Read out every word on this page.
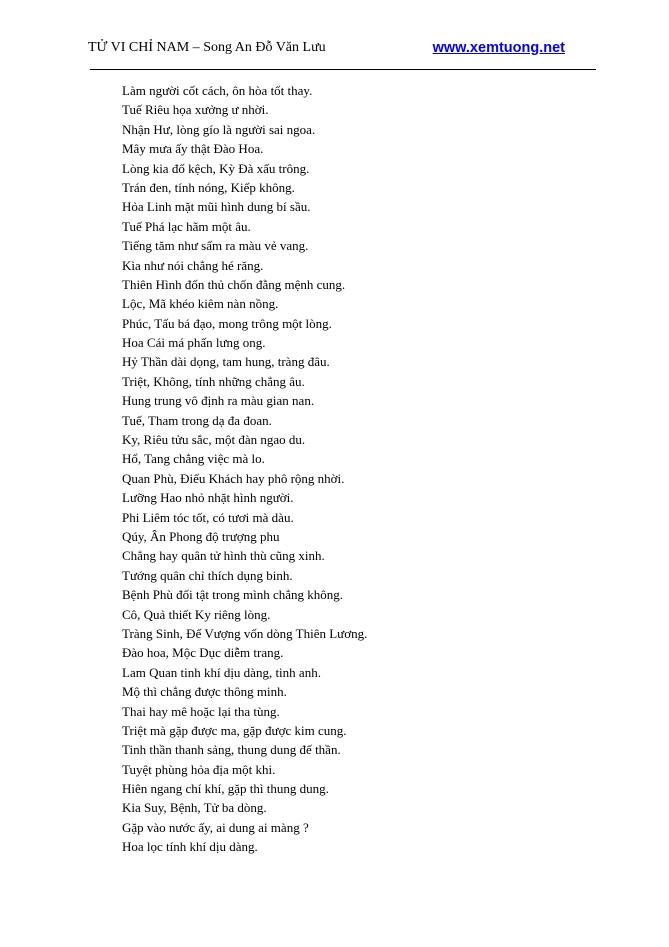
TỬ VI CHỈ NAM – Song An Đỗ Văn Lưu	www.xemtuong.net
Làm người cốt cách, ôn hòa tốt thay.
Tuế Riêu họa xưởng ư nhời.
Nhận Hư, lòng gío là người sai ngoa.
Mây mưa ấy thật Đào Hoa.
Lòng kia đố kệch, Kỳ Đà xấu trông.
Trán đen, tính nóng, Kiếp không.
Hỏa Linh mặt mũi hình dung bí sầu.
Tuế Phá lạc hãm một âu.
Tiếng tăm như sấm ra màu vẻ vang.
Kìa như nói chẳng hé răng.
Thiên Hình đốn thủ chốn đằng mệnh cung.
Lộc, Mã khéo kiêm nàn nồng.
Phúc, Tấu bá đạo, mong trông một lòng.
Hoa Cái má phấn lưng ong.
Hỷ Thần dài dọng, tam hung, tràng đâu.
Triệt, Không, tính những chẳng âu.
Hung trung vô định ra màu gian nan.
Tuế, Tham trong dạ đa đoan.
Ky, Riêu tửu sắc, một đàn ngao du.
Hổ, Tang chẳng việc mà lo.
Quan Phù, Điếu Khách hay phô rộng nhời.
Lưỡng Hao nhỏ nhặt hình người.
Phi Liêm tóc tốt, có tươi mà dàu.
Qúy, Ân Phong độ trượng phu
Chẳng hay quân tử hình thù cũng xinh.
Tướng quân chỉ thích dụng binh.
Bệnh Phù đối tật trong mình chẳng không.
Cô, Quả thiết Ky riêng lòng.
Tràng Sinh, Đế Vượng vốn dòng Thiên Lương.
Đào hoa, Mộc Dục diễm trang.
Lam Quan tinh khí dịu dàng, tinh anh.
Mộ thì chẳng được thông minh.
Thai hay mê hoặc lại tha tùng.
Triệt mà gặp được ma, gặp được kim cung.
Tinh thần thanh sảng, thung dung đế thần.
Tuyệt phùng hỏa địa một khi.
Hiên ngang chí khí, gặp thì thung dung.
Kia Suy, Bệnh, Tử ba dòng.
Gặp vào nước ấy, ai dung ai màng ?
Hoa lọc tính khí dịu dàng.
